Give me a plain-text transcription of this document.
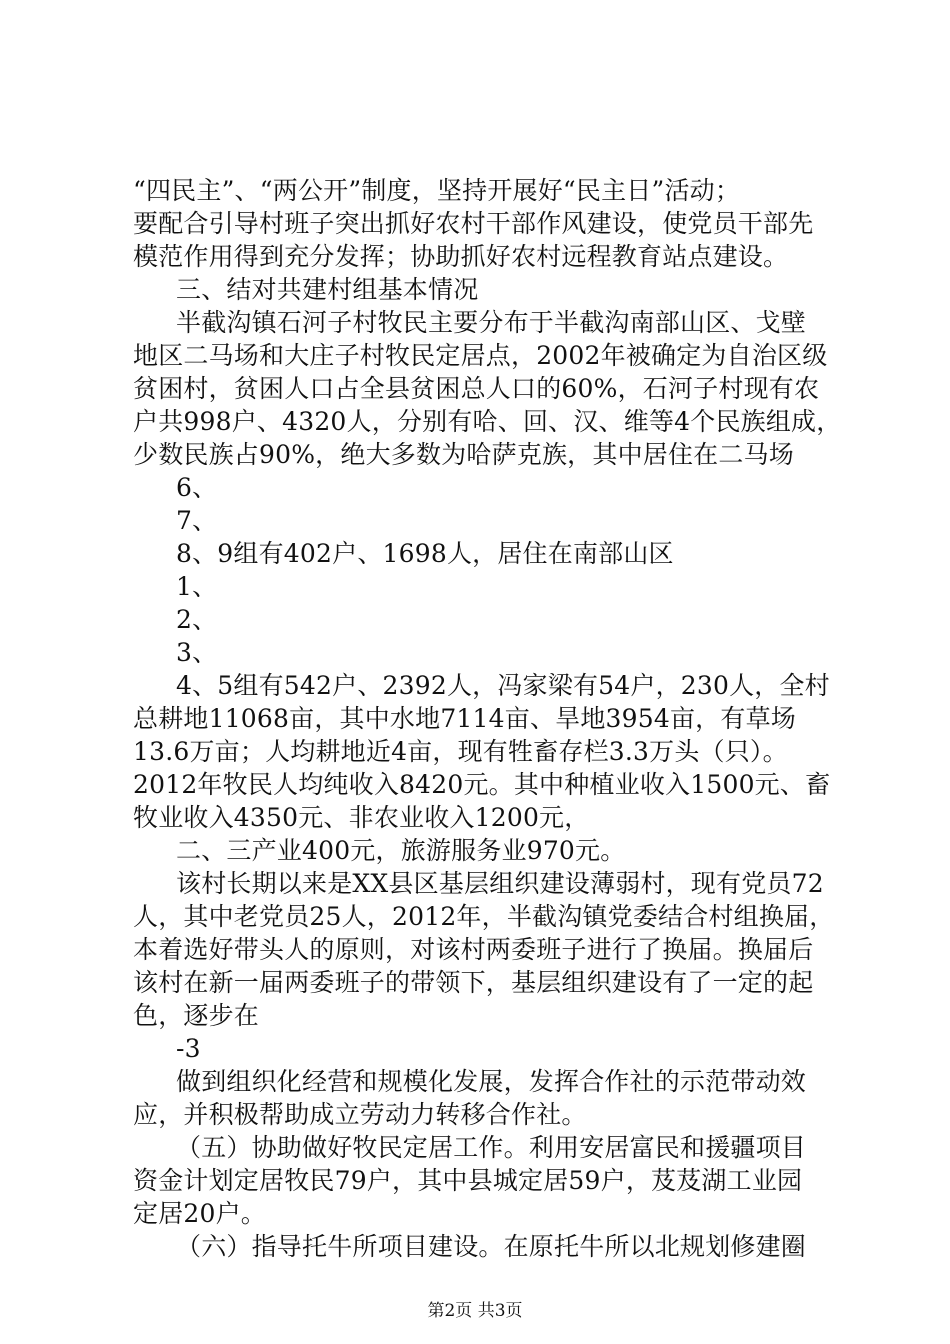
“四民主”、“两公开”制度，坚持开展好“民主日”活动；
要配合引导村班子突出抓好农村干部作风建设，使党员干部先
模范作用得到充分发挥；协助抓好农村远程教育站点建设。
三、结对共建村组基本情况
半截沟镇石河子村牧民主要分布于半截沟南部山区、戈壁
地区二马场和大庄子村牧民定居点，2002年被确定为自治区级
贫困村，贫困人口占全县贫困总人口的60%，石河子村现有农
户共998户、4320人，分别有哈、回、汉、维等4个民族组成，
少数民族占90%，绝大多数为哈萨克族，其中居住在二马场
6、
7、
8、9组有402户、1698人，居住在南部山区
1、
2、
3、
4、5组有542户、2392人，冯家梁有54户，230人，全村
总耕地11068亩，其中水地7114亩、旱地3954亩，有草场
13.6万亩；人均耕地近4亩，现有牲畜存栏3.3万头（只）。
2012年牧民人均纯收入8420元。其中种植业收入1500元、畜
牧业收入4350元、非农业收入1200元，
二、三产业400元，旅游服务业970元。
该村长期以来是XX县区基层组织建设薄弱村，现有党员72
人，其中老党员25人，2012年，半截沟镇党委结合村组换届，
本着选好带头人的原则，对该村两委班子进行了换届。换届后
该村在新一届两委班子的带领下，基层组织建设有了一定的起
色，逐步在
-3
做到组织化经营和规模化发展，发挥合作社的示范带动效
应，并积极帮助成立劳动力转移合作社。
（五）协助做好牧民定居工作。利用安居富民和援疆项目
资金计划定居牧民79户，其中县城定居59户，芨芨湖工业园
定居20户。
（六）指导托牛所项目建设。在原托牛所以北规划修建圈
第2页 共3页
